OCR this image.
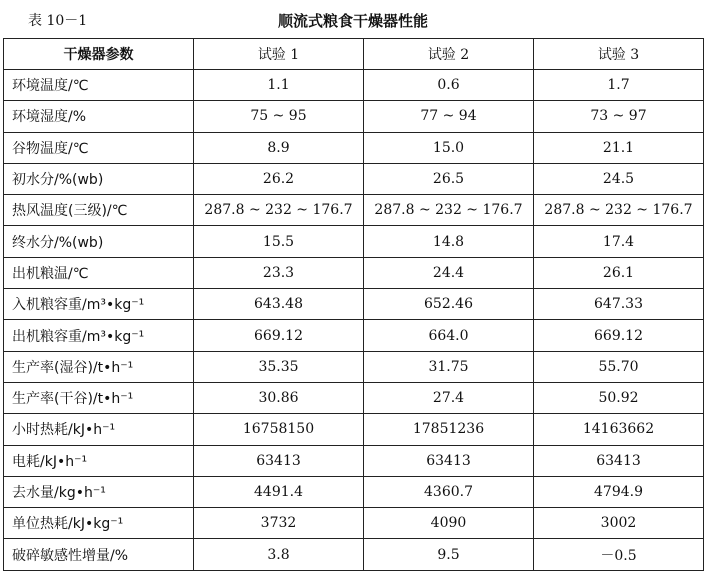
表 10－1	顺流式粮食干燥器性能
干燥器参数	试验 1	试验 2	试验 3
环境温度/℃	1.1	0.6	1.7
环境湿度/%	75 ~ 95	77 ~ 94	73 ~ 97
谷物温度/℃	8.9	15.0	21.1
初水分/%(wb)	26.2	26.5	24.5
热风温度(三级)/℃	287.8 ~ 232 ~ 176.7	287.8 ~ 232 ~ 176.7	287.8 ~ 232 ~ 176.7
终水分/%(wb)	15.5	14.8	17.4
出机粮温/℃	23.3	24.4	26.1
入机粮容重/m³•kg⁻¹	643.48	652.46	647.33
出机粮容重/m³•kg⁻¹	669.12	664.0	669.12
生产率(湿谷)/t•h⁻¹	35.35	31.75	55.70
生产率(干谷)/t•h⁻¹	30.86	27.4	50.92
小时热耗/kJ•h⁻¹	16758150	17851236	14163662
电耗/kJ•h⁻¹	63413	63413	63413
去水量/kg•h⁻¹	4491.4	4360.7	4794.9
单位热耗/kJ•kg⁻¹	3732	4090	3002
破碎敏感性增量/%	3.8	9.5	－0.5
